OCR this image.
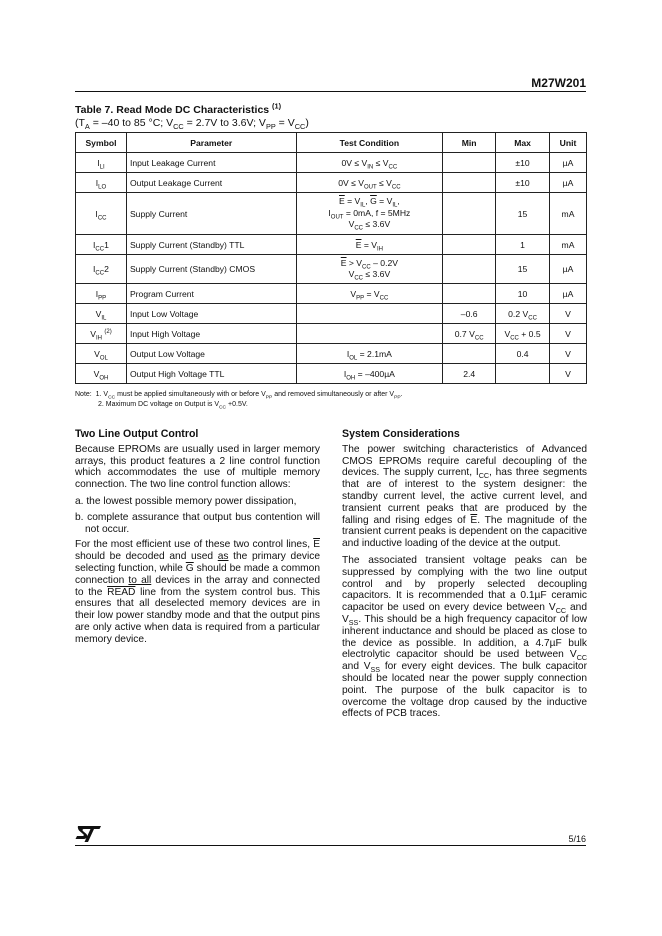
M27W201
Table 7. Read Mode DC Characteristics $^{(1)}$
($T_A = -40$ to 85 °C; $V_{CC} = 2.7V$ to 3.6V; $V_{PP} = V_{CC}$)
Symbol	Parameter	Test Condition	Min	Max	Unit
$I_{LI}$	Input Leakage Current	$0V \le V_{IN} \le V_{CC}$		±10	µA
$I_{LO}$	Output Leakage Current	$0V \le V_{OUT} \le V_{CC}$		±10	µA
$I_{CC}$	Supply Current	$\overline{E} = V_{IL}$, $\overline{G} = V_{IL}$,
$I_{OUT} = 0mA$, f = 5MHz
$V_{CC} \le 3.6V$		15	mA
$I_{CC}1$	Supply Current (Standby) TTL	$\overline{E} = V_{IH}$		1	mA
$I_{CC}2$	Supply Current (Standby) CMOS	$\overline{E} > V_{CC} - 0.2V$
$V_{CC} \le 3.6V$		15	µA
$I_{PP}$	Program Current	$V_{PP} = V_{CC}$		10	µA
$V_{IL}$	Input Low Voltage		–0.6	0.2 $V_{CC}$	V
$V_{IH}$ $^{(2)}$	Input High Voltage		0.7 $V_{CC}$	$V_{CC} + 0.5$	V
$V_{OL}$	Output Low Voltage	$I_{OL} = 2.1mA$		0.4	V
$V_{OH}$	Output High Voltage TTL	$I_{OH} = -400\mu A$	2.4		V
Note:  1. $V_{CC}$ must be applied simultaneously with or before $V_{PP}$ and removed simultaneously or after $V_{PP}$.
2. Maximum DC voltage on Output is $V_{CC} +0.5V$.
Two Line Output Control

Because EPROMs are usually used in larger memory arrays, this product features a 2 line control function which accommodates the use of multiple memory connection. The two line control function allows:

a. the lowest possible memory power dissipation,
b. complete assurance that output bus contention will not occur.

For the most efficient use of these two control lines, $\overline{E}$ should be decoded and used as the primary device selecting function, while $\overline{G}$ should be made a common connection to all devices in the array and connected to the READ line from the system control bus. This ensures that all deselected memory devices are in their low power standby mode and that the output pins are only active when data is required from a particular memory device.

System Considerations

The power switching characteristics of Advanced CMOS EPROMs require careful decoupling of the devices. The supply current, $I_{CC}$, has three segments that are of interest to the system designer: the standby current level, the active current level, and transient current peaks that are produced by the falling and rising edges of $\overline{E}$. The magnitude of the transient current peaks is dependent on the capacitive and inductive loading of the device at the output.

The associated transient voltage peaks can be suppressed by complying with the two line output control and by properly selected decoupling capacitors. It is recommended that a 0.1µF ceramic capacitor be used on every device between $V_{CC}$ and $V_{SS}$. This should be a high frequency capacitor of low inherent inductance and should be placed as close to the device as possible. In addition, a 4.7µF bulk electrolytic capacitor should be used between $V_{CC}$ and $V_{SS}$ for every eight devices. The bulk capacitor should be located near the power supply connection point. The purpose of the bulk capacitor is to overcome the voltage drop caused by the inductive effects of PCB traces.

5/16
